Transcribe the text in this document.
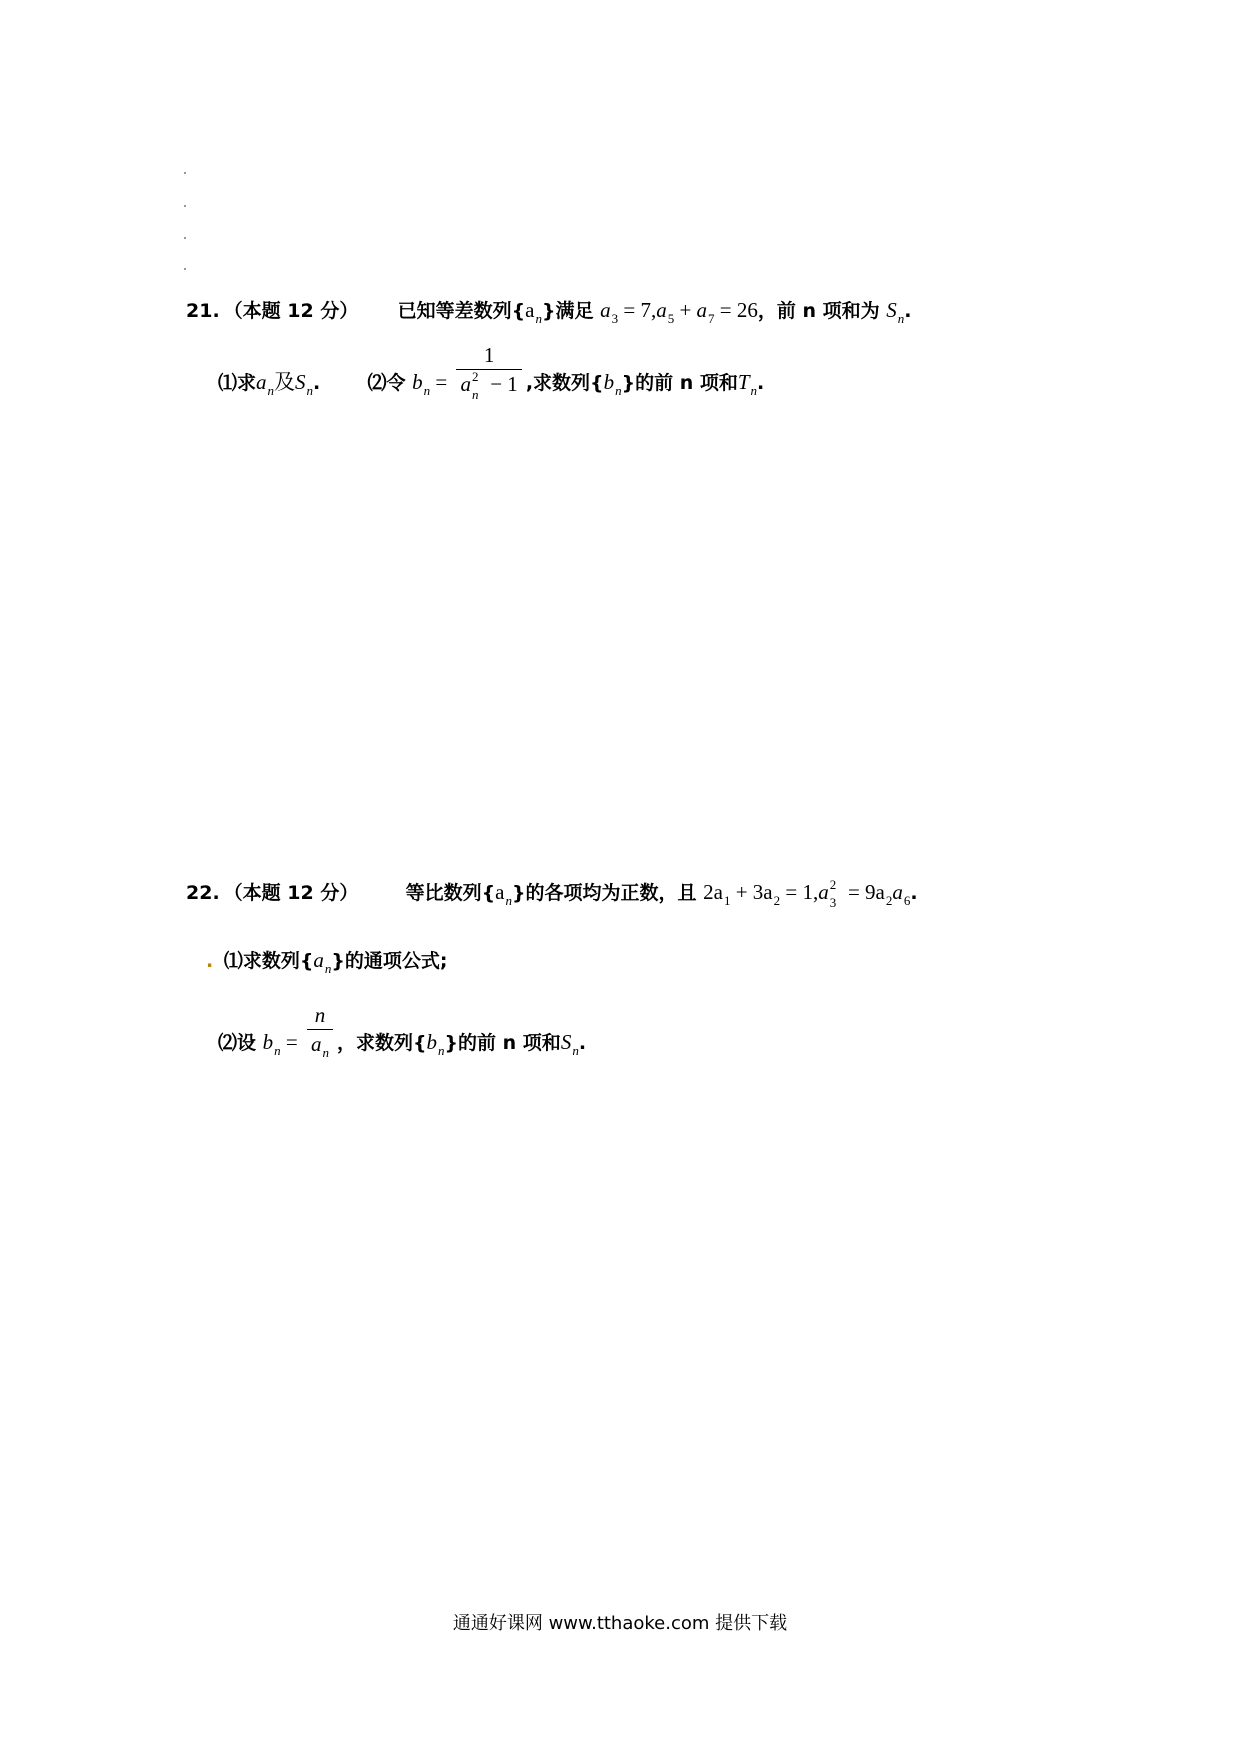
21. （本题 12 分） 已知等差数列$\{a_n\}$满足 $a_3 = 7,a_5 + a_7 = 26$，前 n 项和为 $S_n$.
⑴求$a_n$及$S_n$. ⑵令 $b_n = 1$
a 2
n − 1 ,求数列$\{b_n\}$的前 n 项和$T_n$.
22. （本题 12 分） 等比数列$\{a_n\}$的各项均为正数，且 $2a_1 + 3a_2 = 1,a$ 2
$3 = 9a_2a_6$.
. ⑴求数列$\{a_n\}$的通项公式;
⑵设 $b_n = \frac{n}{a_n}$ ，求数列$\{b_n\}$的前 n 项和$S_n$.
通通好课网 www.tthaoke.com 提供下载
